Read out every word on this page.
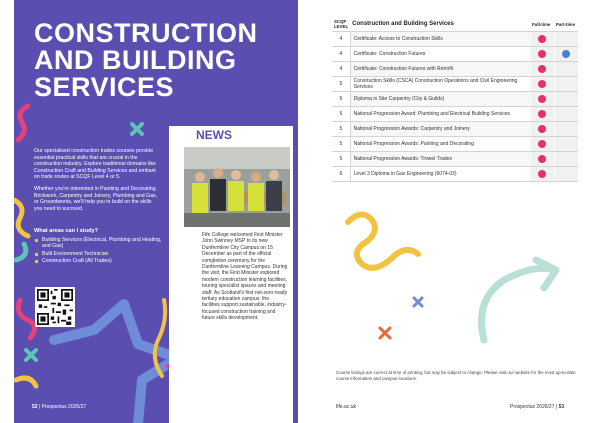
CONSTRUCTION AND BUILDING SERVICES

Our specialised construction trades courses provide essential practical skills that are crucial in the construction industry. Explore traditional domains like Construction Craft and Building Services and embark on trade routes at SCQF Level 4 or 5.

Whether you're interested in Painting and Decorating, Brickwork, Carpentry and Joinery, Plumbing and Gas, or Groundworks, we'll help you to build on the skills you need to succeed.

What areas can I study?
Building Services (Electrical, Plumbing and Heating, and Gas)
Built Environment Technician
Construction Craft (All Trades)
NEWS
Fife College welcomed First Minister John Swinney MSP to its new Dunfermline City Campus on 15 December as part of the official completion ceremony for the Dunfermline Learning Campus. During the visit, the First Minister explored modern construction learning facilities, touring specialist spaces and meeting staff. As Scotland's first net-zero ready tertiary education campus, the facilities support sustainable, industry-focused construction training and future skills development.
52 | Prospectus 2026/27	fife.ac.uk
SCQF LEVEL	Construction and Building Services	Full-time	Part-time
4	Certificate: Access to Construction Skills		
4	Certificate: Construction Futures		
4	Certificate: Construction Futures with Retrofit		
5	Construction Skills (CSCA) Construction Operations and Civil Engineering Services		
5	Diploma in Site Carpentry (City & Guilds)		
5	National Progression Award: Plumbing and Electrical Building Services		
5	National Progression Awards: Carpentry and Joinery		
5	National Progression Awards: Painting and Decorating		
5	National Progression Awards: Trowel Trades		
6	Level 3 Diploma in Gas Engineering (6074-03)		
Course listings are correct at time of printing, but may be subject to change. Please visit our website for the most up-to-date course information and campus locations.
fife.ac.uk	Prospectus 2026/27 | 53
